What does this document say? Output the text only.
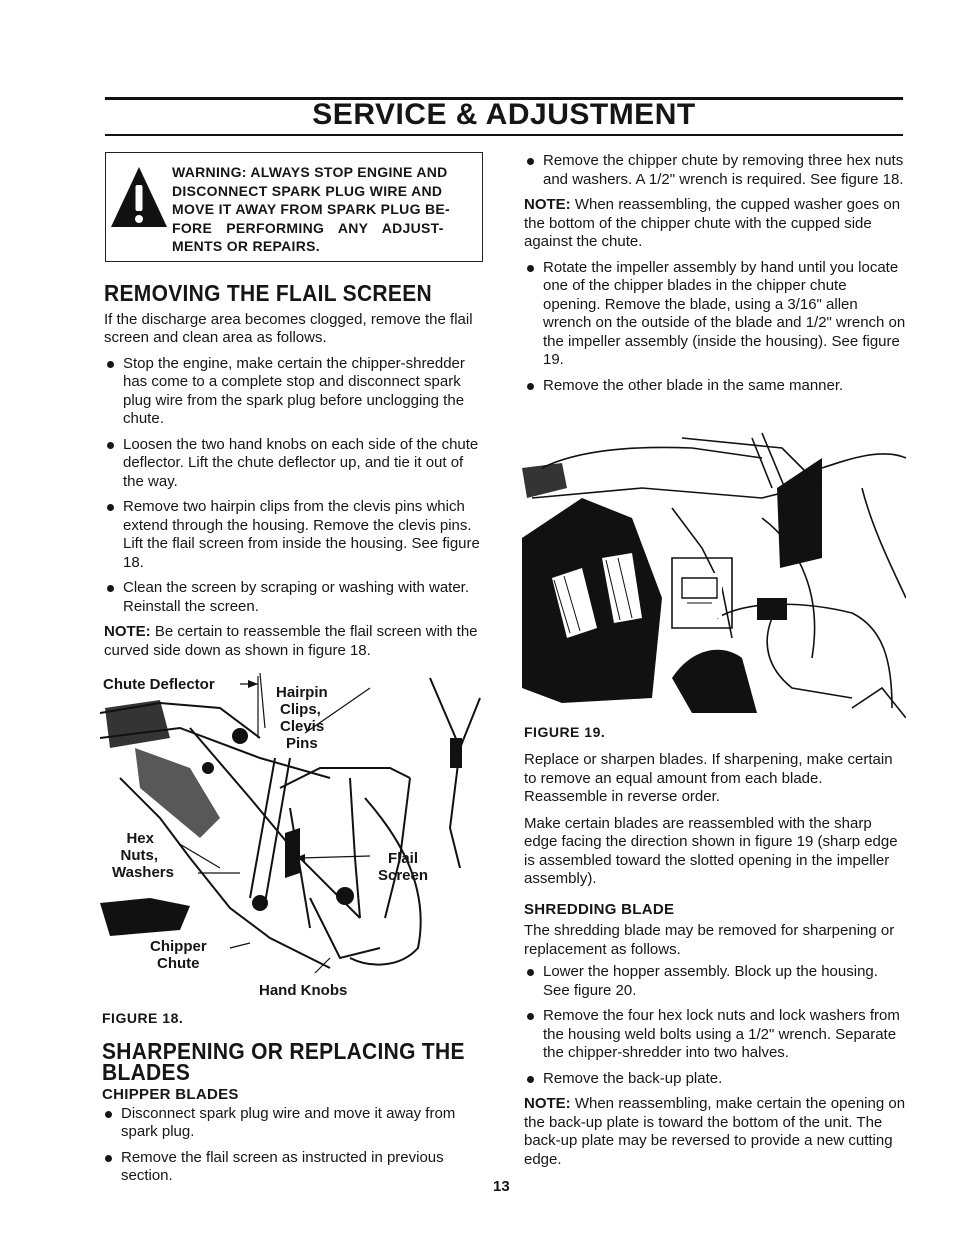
SERVICE & ADJUSTMENT
WARNING: ALWAYS STOP ENGINE AND
DISCONNECT SPARK PLUG WIRE AND
MOVE IT AWAY FROM SPARK PLUG BE-
FORE PERFORMING ANY ADJUST-
MENTS OR REPAIRS.
REMOVING THE FLAIL SCREEN

If the discharge area becomes clogged, remove the flail screen and clean area as follows.

Stop the engine, make certain the chipper-shredder has come to a complete stop and disconnect spark plug wire from the spark plug before unclogging the chute.
Loosen the two hand knobs on each side of the chute deflector. Lift the chute deflector up, and tie it out of the way.
Remove two hairpin clips from the clevis pins which extend through the housing. Remove the clevis pins. Lift the flail screen from inside the housing. See figure 18.
Clean the screen by scraping or washing with water. Reinstall the screen.

NOTE: Be certain to reassemble the flail screen with the curved side down as shown in figure 18.

Chute Deflector	Hairpin
Clips,
Clevis
Pins
Hex
Nuts,
Washers
Flail
Screen
Chipper
Chute
Hand Knobs
FIGURE 18.
SHARPENING OR REPLACING THE BLADES
CHIPPER BLADES
Disconnect spark plug wire and move it away from spark plug.
Remove the flail screen as instructed in previous section.
Remove the chipper chute by removing three hex nuts and washers. A 1/2" wrench is required. See figure 18.

NOTE: When reassembling, the cupped washer goes on the bottom of the chipper chute with the cupped side against the chute.

Rotate the impeller assembly by hand until you locate one of the chipper blades in the chipper chute opening. Remove the blade, using a 3/16" allen wrench on the outside of the blade and 1/2" wrench on the impeller assembly (inside the housing). See figure 19.
Remove the other blade in the same manner.
FIGURE 19.

Replace or sharpen blades. If sharpening, make certain to remove an equal amount from each blade. Reassemble in reverse order.

Make certain blades are reassembled with the sharp edge facing the direction shown in figure 19 (sharp edge is assembled toward the slotted opening in the impeller assembly).

SHREDDING BLADE

The shredding blade may be removed for sharpening or replacement as follows.

Lower the hopper assembly. Block up the housing. See figure 20.
Remove the four hex lock nuts and lock washers from the housing weld bolts using a 1/2" wrench. Separate the chipper-shredder into two halves.
Remove the back-up plate.

NOTE: When reassembling, make certain the opening on the back-up plate is toward the bottom of the unit. The back-up plate may be reversed to provide a new cutting edge.

13
